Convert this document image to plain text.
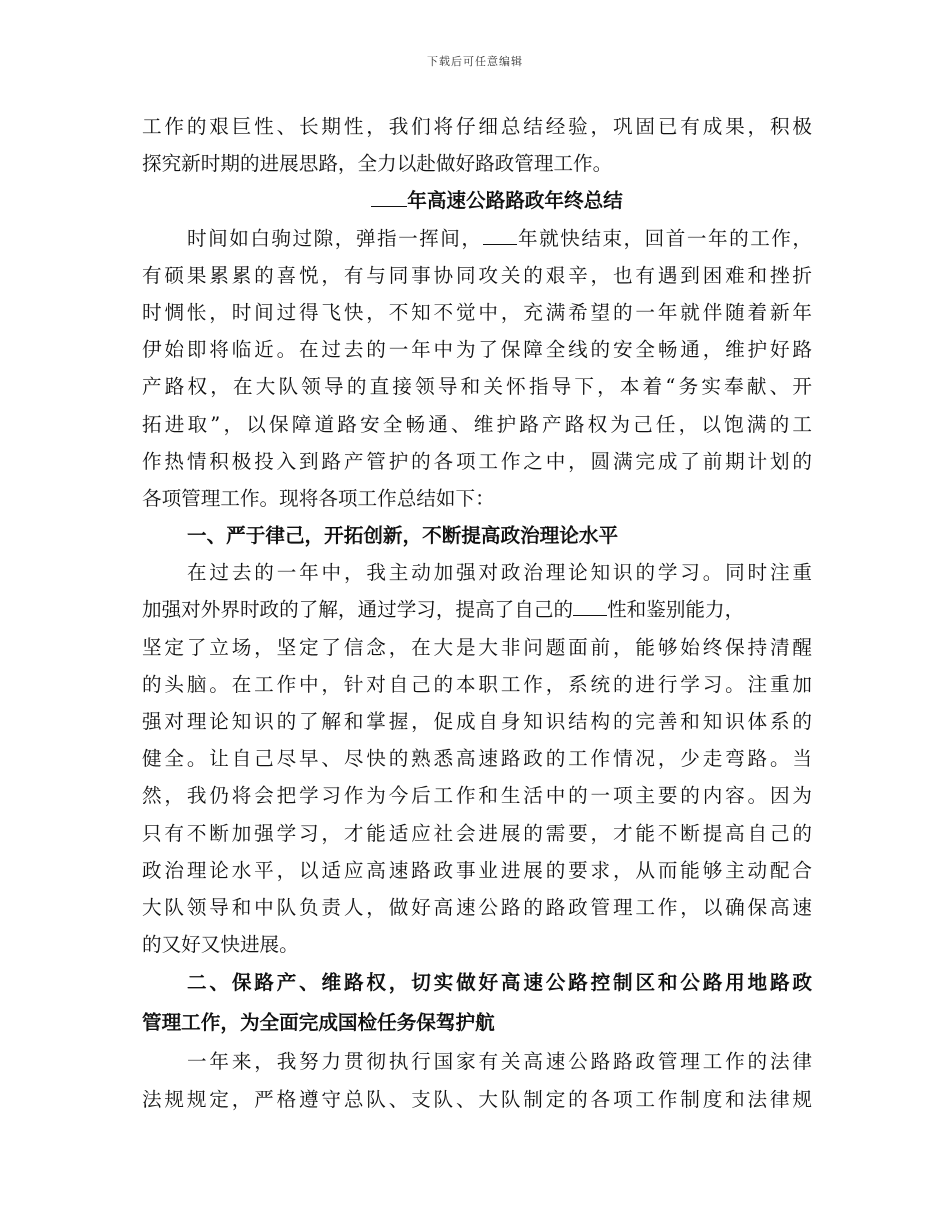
下载后可任意编辑
工作的艰巨性、长期性，我们将仔细总结经验，巩固已有成果，积极
探究新时期的进展思路，全力以赴做好路政管理工作。
年高速公路路政年终总结
时间如白驹过隙，弹指一挥间， 年就快结束，回首一年的工作，
有硕果累累的喜悦，有与同事协同攻关的艰辛，也有遇到困难和挫折
时惆怅，时间过得飞快，不知不觉中，充满希望的一年就伴随着新年
伊始即将临近。在过去的一年中为了保障全线的安全畅通，维护好路
产路权，在大队领导的直接领导和关怀指导下，本着“务实奉献、开
拓进取”，以保障道路安全畅通、维护路产路权为己任，以饱满的工
作热情积极投入到路产管护的各项工作之中，圆满完成了前期计划的
各项管理工作。现将各项工作总结如下：
一、严于律己，开拓创新，不断提高政治理论水平
在过去的一年中，我主动加强对政治理论知识的学习。同时注重
加强对外界时政的了解，通过学习，提高了自己的 性和鉴别能力，
坚定了立场，坚定了信念，在大是大非问题面前，能够始终保持清醒
的头脑。在工作中，针对自己的本职工作，系统的进行学习。注重加
强对理论知识的了解和掌握，促成自身知识结构的完善和知识体系的
健全。让自己尽早、尽快的熟悉高速路政的工作情况，少走弯路。当
然，我仍将会把学习作为今后工作和生活中的一项主要的内容。因为
只有不断加强学习，才能适应社会进展的需要，才能不断提高自己的
政治理论水平，以适应高速路政事业进展的要求，从而能够主动配合
大队领导和中队负责人，做好高速公路的路政管理工作，以确保高速
的又好又快进展。
二、保路产、维路权，切实做好高速公路控制区和公路用地路政
管理工作，为全面完成国检任务保驾护航
一年来，我努力贯彻执行国家有关高速公路路政管理工作的法律
法规规定，严格遵守总队、支队、大队制定的各项工作制度和法律规
